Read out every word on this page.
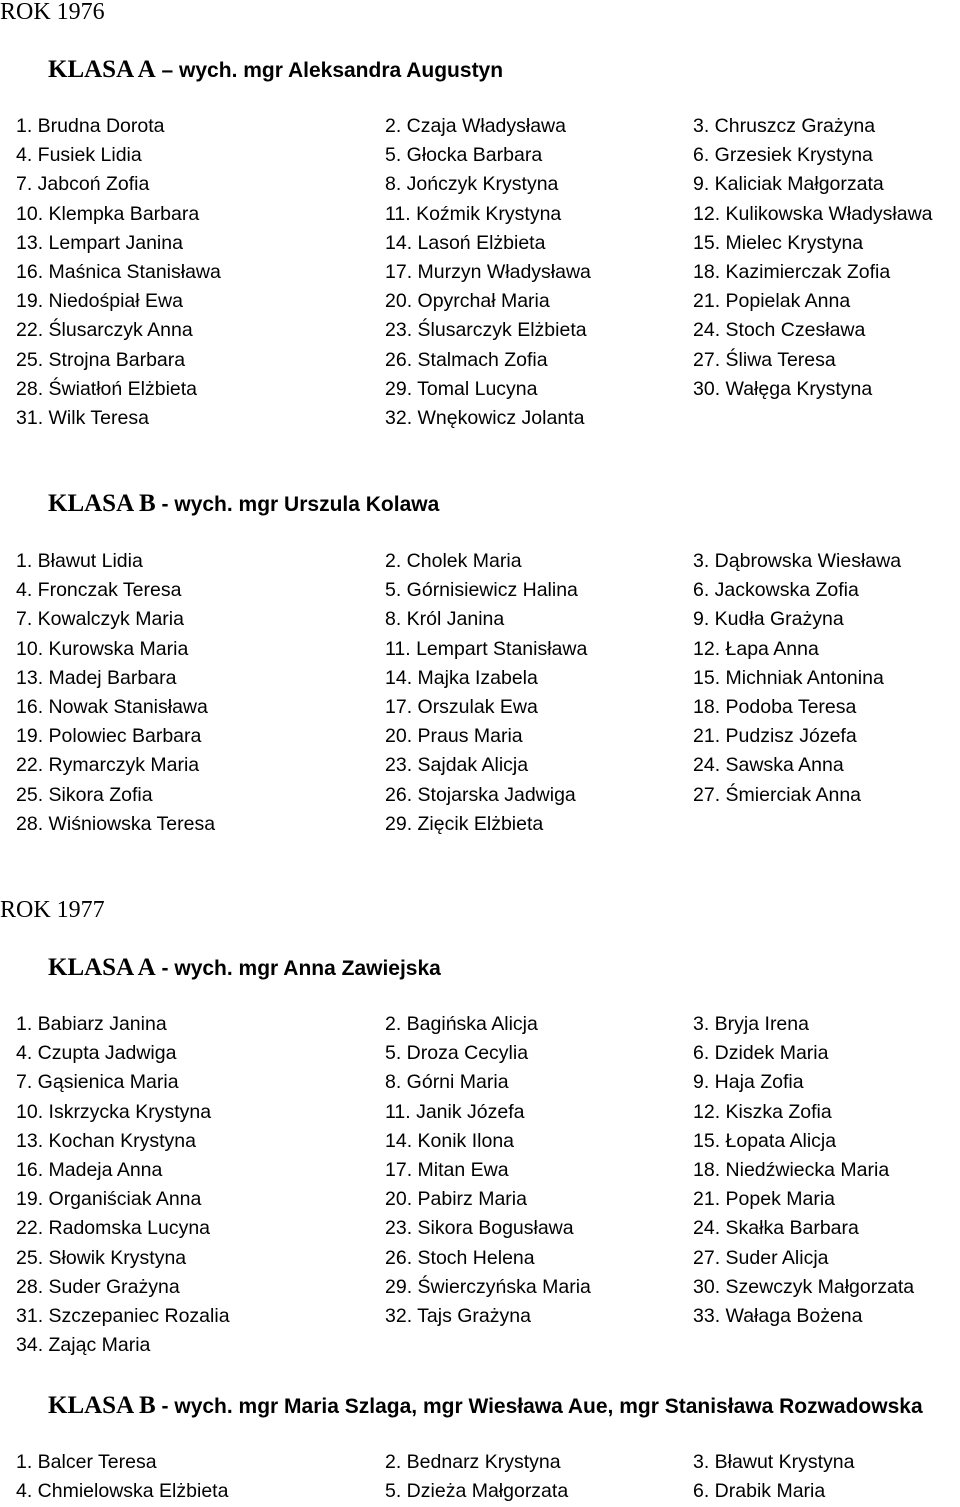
ROK 1976
KLASA A – wych. mgr Aleksandra Augustyn
1. Brudna Dorota	2. Czaja Władysława	3. Chruszcz Grażyna
4. Fusiek Lidia	5. Głocka Barbara	6. Grzesiek Krystyna
7. Jabcoń Zofia	8. Jończyk Krystyna	9. Kaliciak Małgorzata
10. Klempka Barbara	11. Koźmik Krystyna	12. Kulikowska Władysława
13. Lempart Janina	14. Lasoń Elżbieta	15. Mielec Krystyna
16. Maśnica Stanisława	17. Murzyn Władysława	18. Kazimierczak Zofia
19. Niedośpiał Ewa	20. Opyrchał Maria	21. Popielak Anna
22. Ślusarczyk Anna	23. Ślusarczyk Elżbieta	24. Stoch Czesława
25. Strojna Barbara	26. Stalmach Zofia	27. Śliwa Teresa
28. Światłoń Elżbieta	29. Tomal Lucyna	30. Wałęga Krystyna
31. Wilk Teresa	32. Wnękowicz Jolanta
KLASA B - wych. mgr Urszula Kolawa
1. Bławut Lidia	2. Cholek Maria	3. Dąbrowska Wiesława
4. Fronczak Teresa	5. Górnisiewicz Halina	6. Jackowska Zofia
7. Kowalczyk Maria	8. Król Janina	9. Kudła Grażyna
10. Kurowska Maria	11. Lempart Stanisława	12. Łapa Anna
13. Madej Barbara	14. Majka Izabela	15. Michniak Antonina
16. Nowak Stanisława	17. Orszulak Ewa	18. Podoba Teresa
19. Polowiec Barbara	20. Praus Maria	21. Pudzisz Józefa
22. Rymarczyk Maria	23. Sajdak Alicja	24. Sawska Anna
25. Sikora Zofia	26. Stojarska Jadwiga	27. Śmierciak Anna
28. Wiśniowska Teresa	29. Zięcik Elżbieta
ROK 1977
KLASA A - wych. mgr Anna Zawiejska
1. Babiarz Janina	2. Bagińska Alicja	3. Bryja Irena
4. Czupta Jadwiga	5. Droza Cecylia	6. Dzidek Maria
7. Gąsienica Maria	8. Górni Maria	9. Haja Zofia
10. Iskrzycka Krystyna	11. Janik Józefa	12. Kiszka Zofia
13. Kochan Krystyna	14. Konik Ilona	15. Łopata Alicja
16. Madeja Anna	17. Mitan Ewa	18. Niedźwiecka Maria
19. Organiściak Anna	20. Pabirz Maria	21. Popek Maria
22. Radomska Lucyna	23. Sikora Bogusława	24. Skałka Barbara
25. Słowik Krystyna	26. Stoch Helena	27. Suder Alicja
28. Suder Grażyna	29. Świerczyńska Maria	30. Szewczyk Małgorzata
31. Szczepaniec Rozalia	32. Tajs Grażyna	33. Wałaga Bożena
34. Zając Maria
KLASA B - wych. mgr Maria Szlaga, mgr Wiesława Aue, mgr Stanisława Rozwadowska
1. Balcer Teresa	2. Bednarz Krystyna	3. Bławut Krystyna
4. Chmielowska Elżbieta	5. Dzieża Małgorzata	6. Drabik Maria
